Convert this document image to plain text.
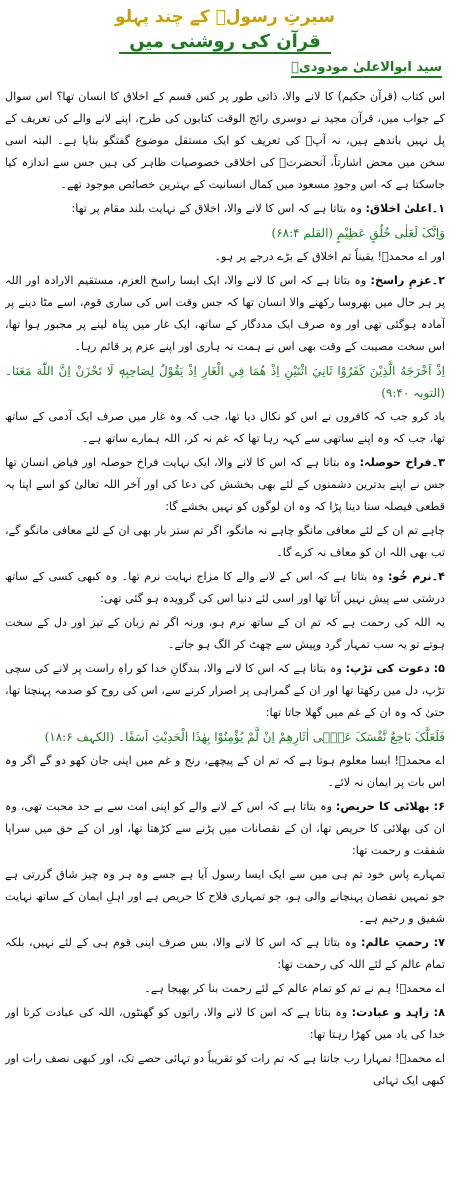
سیرتِ رسولؐ کے چند پہلو
قرآن کی روشنی میں
سید ابوالاعلیٰ مودودیؒ

اس کتاب (قرآن حکیم) کا لانے والا، ذاتی طور پر کس قسم کے اخلاق کا انسان تھا؟ اس سوال کے جواب میں، قرآن مجید نے دوسری رائج الوقت کتابوں کی طرح، اپنے لانے والے کی تعریف کے پل نہیں باندھے ہیں، نہ آپؐ کی تعریف کو ایک مستقل موضوع گفتگو بنایا ہے۔ البتہ اسی سخن میں محض اشارتاً، آنحضرتؐ کی اخلاقی خصوصیات ظاہر کی ہیں جس سے اندازہ کیا جاسکتا ہے کہ اس وجودِ مسعود میں کمال انسانیت کے بہترین خصائص موجود تھے۔

۱۔اعلیٰ اخلاق: وہ بتاتا ہے کہ اس کا لانے والا، اخلاق کے نہایت بلند مقام پر تھا:

وَاِنَّکَ لَعَلٰی خُلُقٍ عَظِیْمٍ (القلم ۶۸:۴)

اور اے محمدؐ! یقیناً تم اخلاق کے بڑے درجے پر ہو۔

۲۔عزمِ راسخ: وہ بتاتا ہے کہ اس کا لانے والا، ایک ایسا راسخ العزم، مستقیم الارادہ اور اللہ پر ہر حال میں بھروسا رکھنے والا انسان تھا کہ جس وقت اس کی ساری قوم، اسے مٹا دینے پر آمادہ ہوگئی تھی اور وہ صرف ایک مددگار کے ساتھ، ایک غار میں پناہ لینے پر مجبور ہوا تھا، اس سخت مصیبت کے وقت بھی اس نے ہمت نہ ہاری اور اپنے عزم پر قائم رہا۔

اِذْ اَخْرَجَهُ الَّذِيْنَ كَفَرُوْا ثَانِيَ اثْنَيْنِ اِذْ هُمَا فِي الْغَارِ اِذْ يَقُوْلُ لِصَاحِبِهٖ لَا تَحْزَنْ اِنَّ اللّٰهَ مَعَنَا۔ (التوبہ ۹:۴۰)

یاد کرو جب کہ کافروں نے اس کو نکال دیا تھا، جب کہ وہ غار میں صرف ایک آدمی کے ساتھ تھا، جب کہ وہ اپنے ساتھی سے کہہ رہا تھا کہ غم نہ کر، اللہ ہمارے ساتھ ہے۔

۳۔فراخ حوصلہ: وہ بتاتا ہے کہ اس کا لانے والا، ایک نہایت فراخ حوصلہ اور فیاض انسان تھا جس نے اپنے بدترین دشمنوں کے لئے بھی بخشش کی دعا کی اور آخر اللہ تعالیٰ کو اسے اپنا یہ قطعی فیصلہ سنا دینا پڑا کہ وہ ان لوگوں کو نہیں بخشے گا:

چاہے تم ان کے لئے معافی مانگو چاہے نہ مانگو، اگر تم ستر بار بھی ان کے لئے معافی مانگو گے، تب بھی اللہ ان کو معاف نہ کرے گا۔

۴۔نرم خُو: وہ بتاتا ہے کہ اس کے لانے والے کا مزاج نہایت نرم تھا۔ وہ کبھی کسی کے ساتھ درشتی سے پیش نہیں آتا تھا اور اسی لئے دنیا اس کی گرویدہ ہو گئی تھی:

یہ اللہ کی رحمت ہے کہ تم ان کے ساتھ نرم ہو، ورنہ اگر تم زبان کے تیز اور دل کے سخت ہوتے تو یہ سب تمہار گرد وپیش سے چھٹ کر الگ ہو جاتے۔

۵: دعوت کی تڑپ: وہ بتاتا ہے کہ اس کا لانے والا، بندگانِ خدا کو راہِ راست پر لانے کی سچی تڑپ، دل میں رکھتا تھا اور ان کے گمراہی پر اصرار کرنے سے، اس کی روح کو صدمہ پہنچتا تھا، حتیٰ کہ وہ ان کے غم میں گھلا جاتا تھا:

فَلَعَلَّکَ بَاخِعٌ نَّفْسَکَ عَلٰۤی اٰثَارِهِمْ اِنْ لَّمْ یُؤْمِنُوْا بِهٰذَا الْحَدِیْثِ اَسَفًا۔ (الکہف ۱۸:۶)

اے محمدؐ! ایسا معلوم ہوتا ہے کہ تم ان کے پیچھے، رنج و غم میں اپنی جان کھو دو گے اگر وہ اس بات پر ایمان نہ لائے۔

۶: بھلائی کا حریص: وہ بتاتا ہے کہ اس کے لانے والے کو اپنی امت سے بے حد محبت تھی، وہ ان کی بھلائی کا حریص تھا، ان کے نقصانات میں پڑنے سے کڑھتا تھا، اور ان کے حق میں سراپا شفقت و رحمت تھا:

تمہارے پاس خود تم ہی میں سے ایک ایسا رسول آیا ہے جسے وہ ہر وہ چیز شاق گزرتی ہے جو تمہیں نقصان پہنچانے والی ہو، جو تمہاری فلاح کا حریص ہے اور اہلِ ایمان کے ساتھ نہایت شفیق و رحیم ہے۔

۷: رحمتِ عالم: وہ بتاتا ہے کہ اس کا لانے والا، بس صرف اپنی قوم ہی کے لئے نہیں، بلکہ تمام عالم کے لئے اللہ کی رحمت تھا:

اے محمدؐ! ہم نے تم کو تمام عالم کے لئے رحمت بنا کر بھیجا ہے۔

۸: زاہد و عبادت: وہ بتاتا ہے کہ اس کا لانے والا، راتوں کو گھنٹوں، اللہ کی عبادت کرتا اور خدا کی یاد میں کھڑا رہتا تھا:

اے محمدؐ! تمہارا رب جانتا ہے کہ تم رات کو تقریباً دو تہائی حصے تک، اور کبھی نصف رات اور کبھی ایک تہائی
